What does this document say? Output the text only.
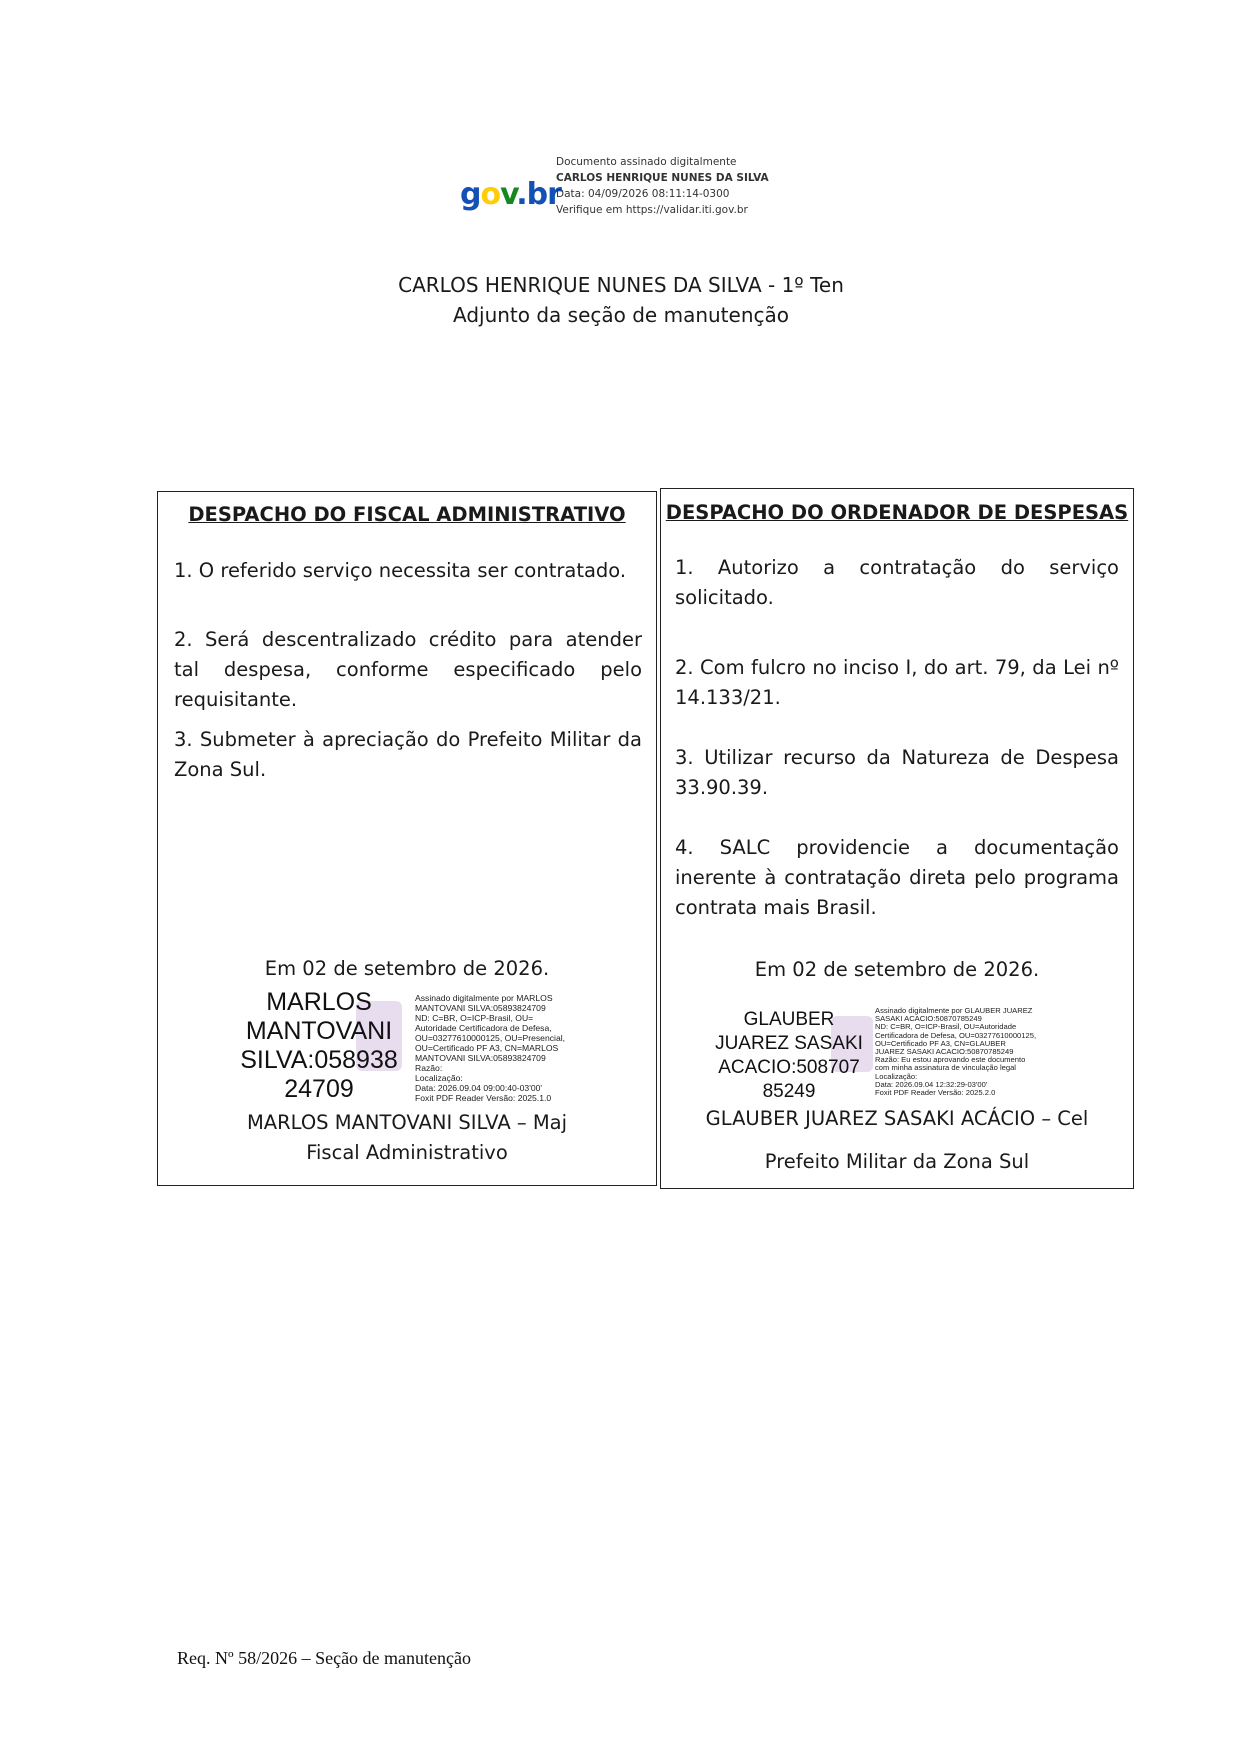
gov.br
Documento assinado digitalmente
CARLOS HENRIQUE NUNES DA SILVA
Data: 04/09/2026 08:11:14-0300
Verifique em https://validar.iti.gov.br
CARLOS HENRIQUE NUNES DA SILVA - 1º Ten
Adjunto da seção de manutenção
DESPACHO DO FISCAL ADMINISTRATIVO
1. O referido serviço necessita ser contratado.
2. Será descentralizado crédito para atender tal despesa, conforme especificado pelo requisitante.
3. Submeter à apreciação do Prefeito Militar da Zona Sul.
Em 02 de setembro de 2026.
MARLOS
MANTOVANI
SILVA:058938
24709
Assinado digitalmente por MARLOS
MANTOVANI SILVA:05893824709
ND: C=BR, O=ICP-Brasil, OU=
Autoridade Certificadora de Defesa,
OU=03277610000125, OU=Presencial,
OU=Certificado PF A3, CN=MARLOS
MANTOVANI SILVA:05893824709
Razão:
Localização:
Data: 2026.09.04 09:00:40-03'00'
Foxit PDF Reader Versão: 2025.1.0
MARLOS MANTOVANI SILVA – Maj
Fiscal Administrativo
DESPACHO DO ORDENADOR DE DESPESAS
1. Autorizo a contratação do serviço solicitado.
2. Com fulcro no inciso I, do art. 79, da Lei nº 14.133/21.
3. Utilizar recurso da Natureza de Despesa 33.90.39.
4. SALC providencie a documentação inerente à contratação direta pelo programa contrata mais Brasil.
Em 02 de setembro de 2026.
GLAUBER
JUAREZ SASAKI
ACACIO:508707
85249
Assinado digitalmente por GLAUBER JUAREZ
SASAKI ACACIO:50870785249
ND: C=BR, O=ICP-Brasil, OU=Autoridade
Certificadora de Defesa, OU=03277610000125,
OU=Certificado PF A3, CN=GLAUBER
JUAREZ SASAKI ACACIO:50870785249
Razão: Eu estou aprovando este documento
com minha assinatura de vinculação legal
Localização:
Data: 2026.09.04 12:32:29-03'00'
Foxit PDF Reader Versão: 2025.2.0
GLAUBER JUAREZ SASAKI ACÁCIO – Cel
Prefeito Militar da Zona Sul
Req. Nº 58/2026 – Seção de manutenção
